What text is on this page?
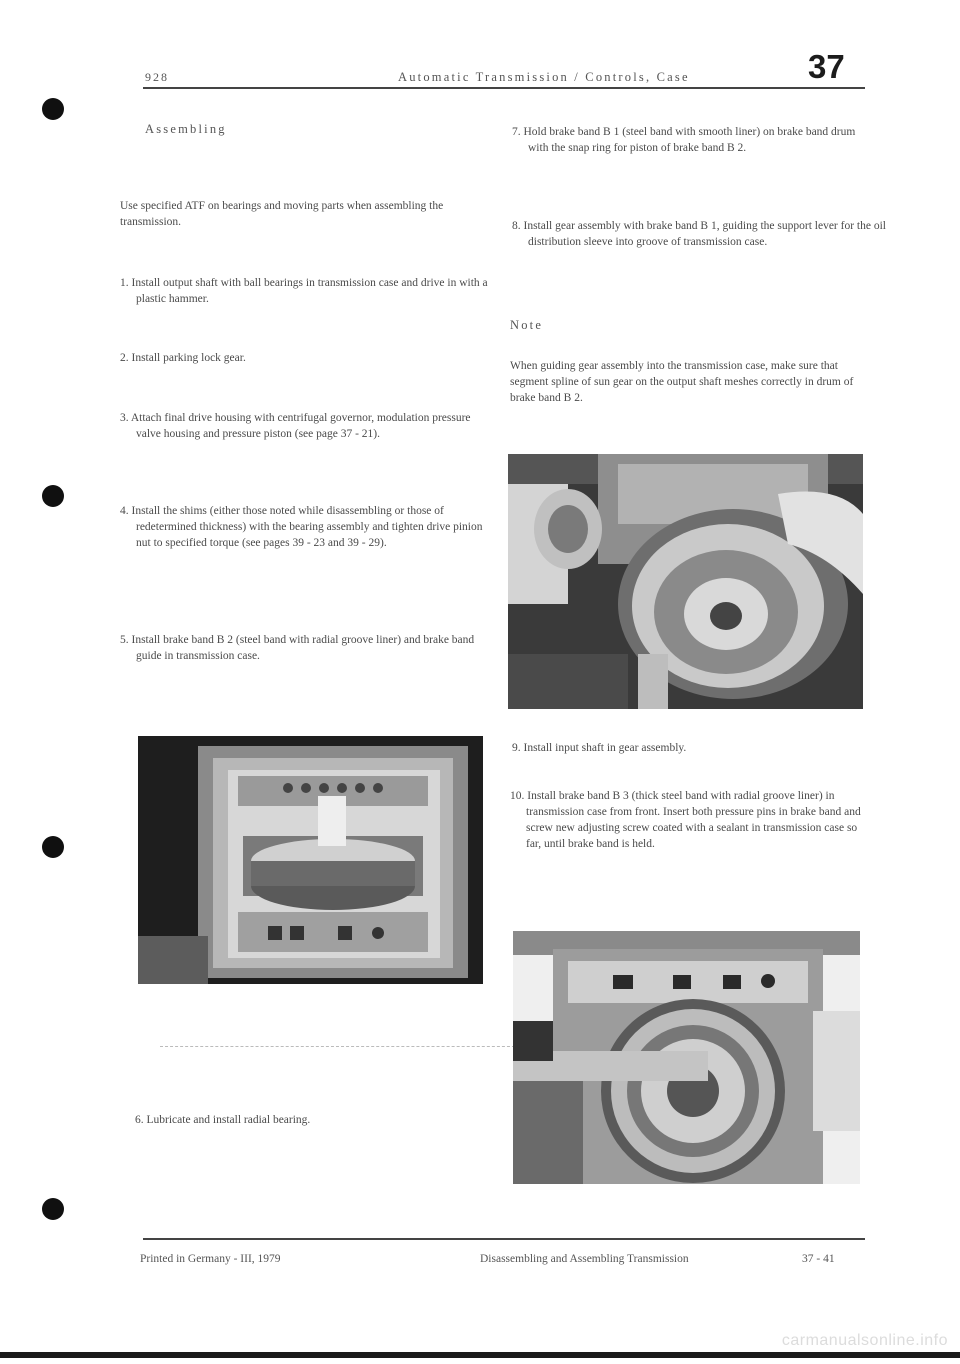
928	Automatic Transmission / Controls, Case	37
Assembling
Use specified ATF on bearings and moving parts when assembling the transmission.
1. Install output shaft with ball bearings in transmission case and drive in with a plastic hammer.
2. Install parking lock gear.
3. Attach final drive housing with centrifugal governor, modulation pressure valve housing and pressure piston (see page 37 - 21).
4. Install the shims (either those noted while disassembling or those of redetermined thickness) with the bearing assembly and tighten drive pinion nut to specified torque (see pages 39 - 23 and 39 - 29).
5. Install brake band B 2 (steel band with radial groove liner) and brake band guide in transmission case.
6. Lubricate and install radial bearing.
7. Hold brake band B 1 (steel band with smooth liner) on brake band drum with the snap ring for piston of brake band B 2.
8. Install gear assembly with brake band B 1, guiding the support lever for the oil distribution sleeve into groove of transmission case.
Note
When guiding gear assembly into the transmission case, make sure that segment spline of sun gear on the output shaft meshes correctly in drum of brake band B 2.
9. Install input shaft in gear assembly.
10. Install brake band B 3 (thick steel band with radial groove liner) in transmission case from front. Insert both pressure pins in brake band and screw new adjusting screw coated with a sealant in transmission case so far, until brake band is held.
Printed in Germany - III, 1979	Disassembling and Assembling Transmission	37 - 41
carmanualsonline.info
